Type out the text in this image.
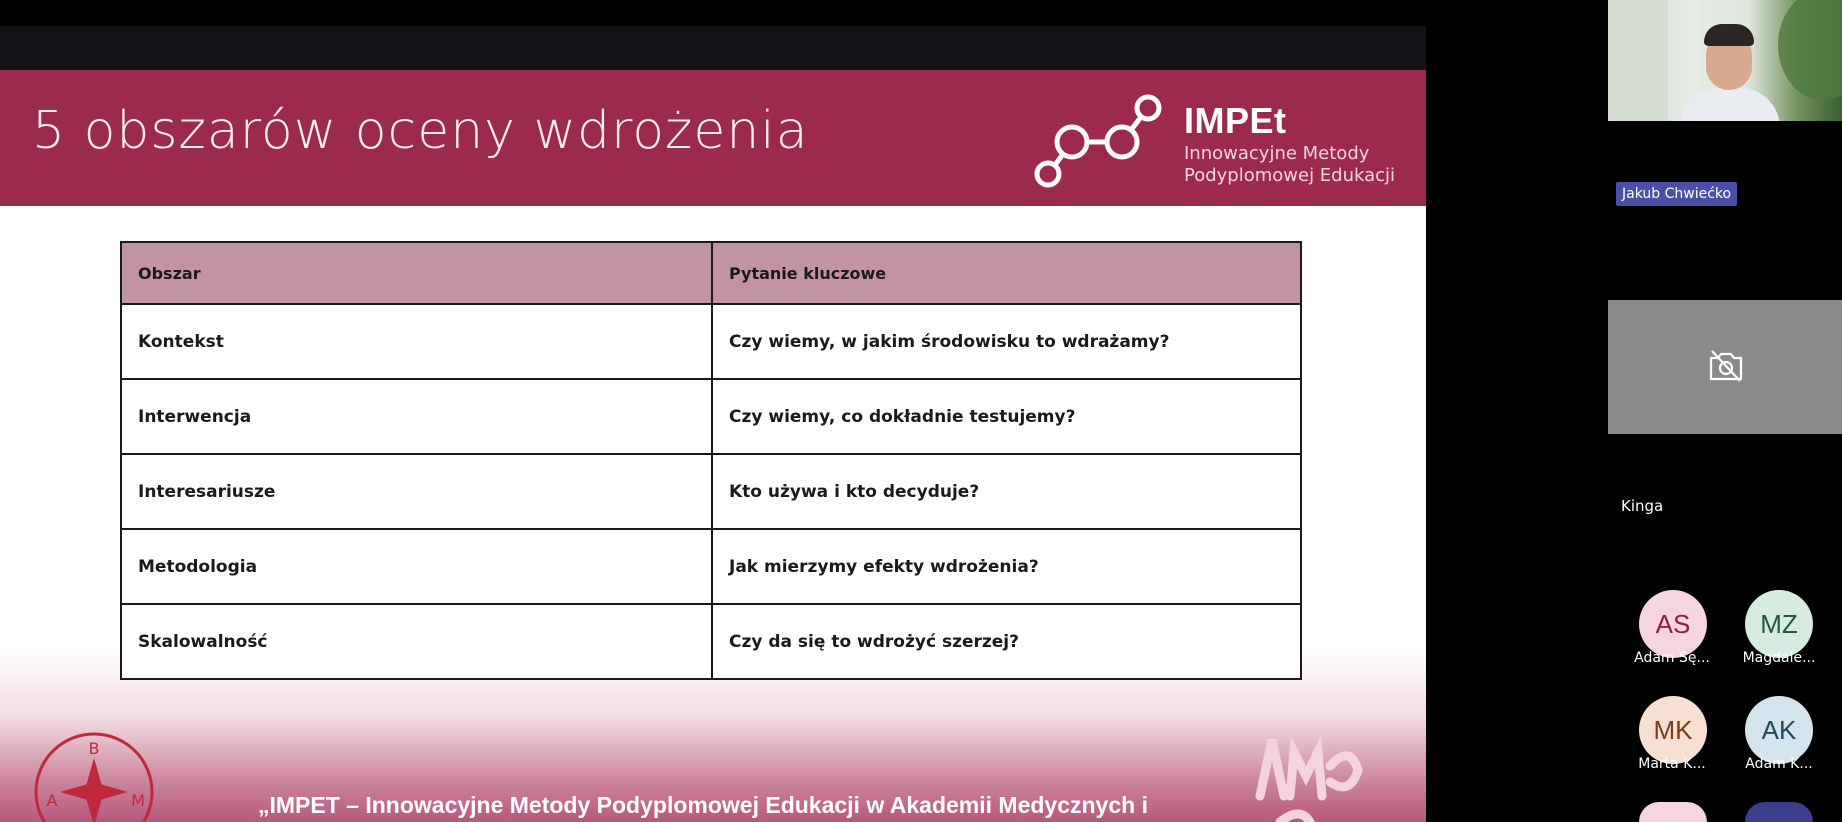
5 obszarów oceny wdrożenia	IMPEt
Innowacyjne Metody
Podyplomowej Edukacji
Obszar	Pytanie kluczowe
Kontekst	Czy wiemy, w jakim środowisku to wdrażamy?
Interwencja	Czy wiemy, co dokładnie testujemy?
Interesariusze	Kto używa i kto decyduje?
Metodologia	Jak mierzymy efekty wdrożenia?
Skalowalność	Czy da się to wdrożyć szerzej?
B
A	M	„IMPET – Innowacyjne Metody Podyplomowej Edukacji w Akademii Medycznych i
Jakub Chwiećko
Kinga
AS
Adam Sę...
MZ
Magdale...
MK
Marta K...
AK
Adam K...
